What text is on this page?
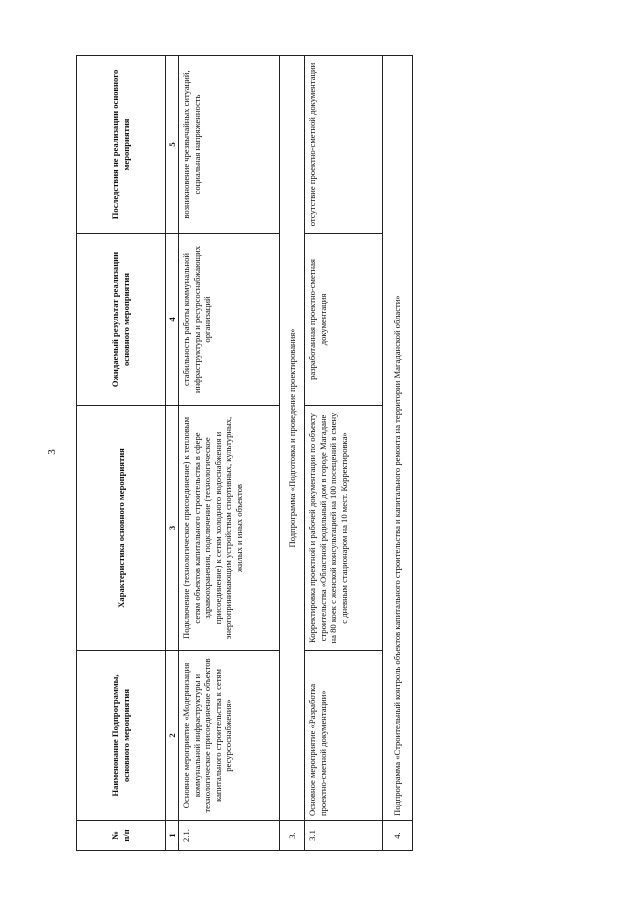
3
№
п/п	Наименование Подпрограммы, основного мероприятия	Характеристика основного мероприятия	Ожидаемый результат реализации основного мероприятия	Последствия не реализации основного мероприятия
1	2	3	4	5
2.1.	Основное мероприятие «Модернизация коммунальной инфраструктуры и технологическое присоединение объектов капитального строительства к сетям ресурсоснабжения»	Подключение (технологическое присоединение) к тепловым сетям объектов капитального строительства в сфере здравоохранения, подключение (технологическое присоединение) к сетям холодного водоснабжения и энергопринимающим устройствам спортивных, культурных, жилых и иных объектов	стабильность работы коммунальной инфраструктуры и ресурсоснабжающих организаций	возникновение чрезвычайных ситуаций, социальная напряженность
3.	Подпрограмма «Подготовка и проведение проектирования»			
3.1	Основное мероприятие «Разработка проектно-сметной документации»	Корректировка проектной и рабочей документации по объекту строительства «Областной родильный дом в городе Магадане на 80 коек с женской консультацией на 100 посещений в смену с дневным стационаром на 10 мест. Корректировка»	разработанная проектно-сметная документация	отсутствие проектно-сметной документации
4.	Подпрограмма «Строительный контроль объектов капитального строительства и капитального ремонта на территории Магаданской области»			
